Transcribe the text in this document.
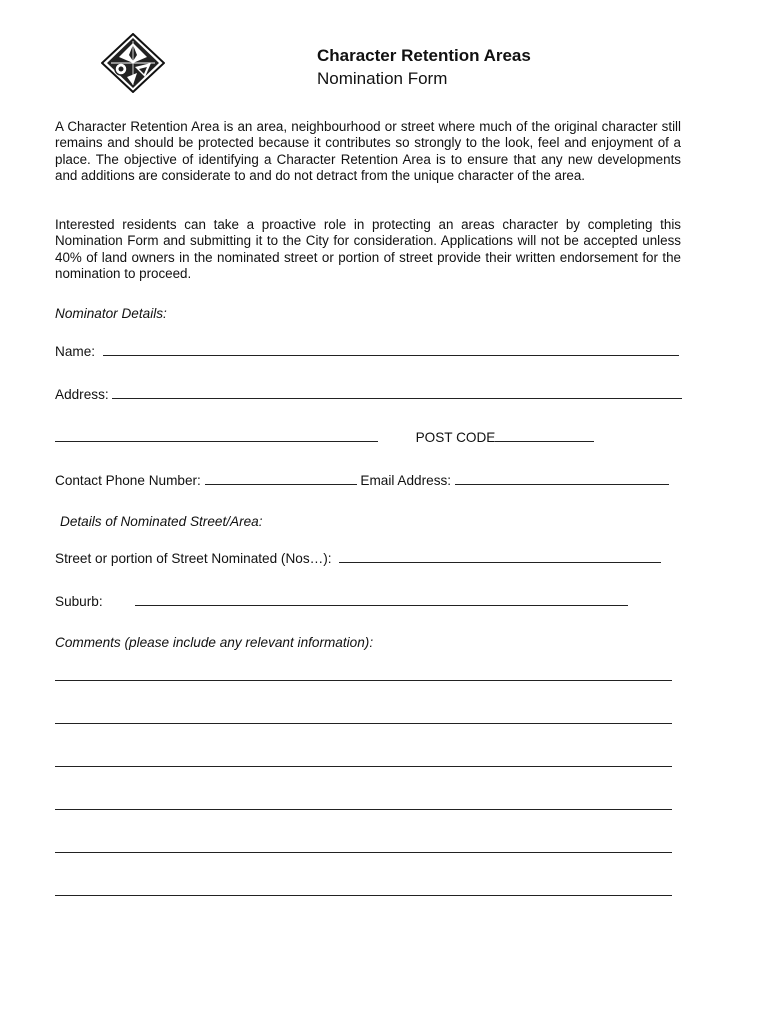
Character Retention Areas
Nomination Form
A Character Retention Area is an area, neighbourhood or street where much of the original character still remains and should be protected because it contributes so strongly to the look, feel and enjoyment of a place. The objective of identifying a Character Retention Area is to ensure that any new developments and additions are considerate to and do not detract from the unique character of the area.
Interested residents can take a proactive role in protecting an areas character by completing this Nomination Form and submitting it to the City for consideration. Applications will not be accepted unless 40% of land owners in the nominated street or portion of street provide their written endorsement for the nomination to proceed.
Nominator Details:
Name:
Address:
POST CODE
Contact Phone Number:	Email Address:
Details of Nominated Street/Area:
Street or portion of Street Nominated (Nos…):
Suburb:
Comments (please include any relevant information):
